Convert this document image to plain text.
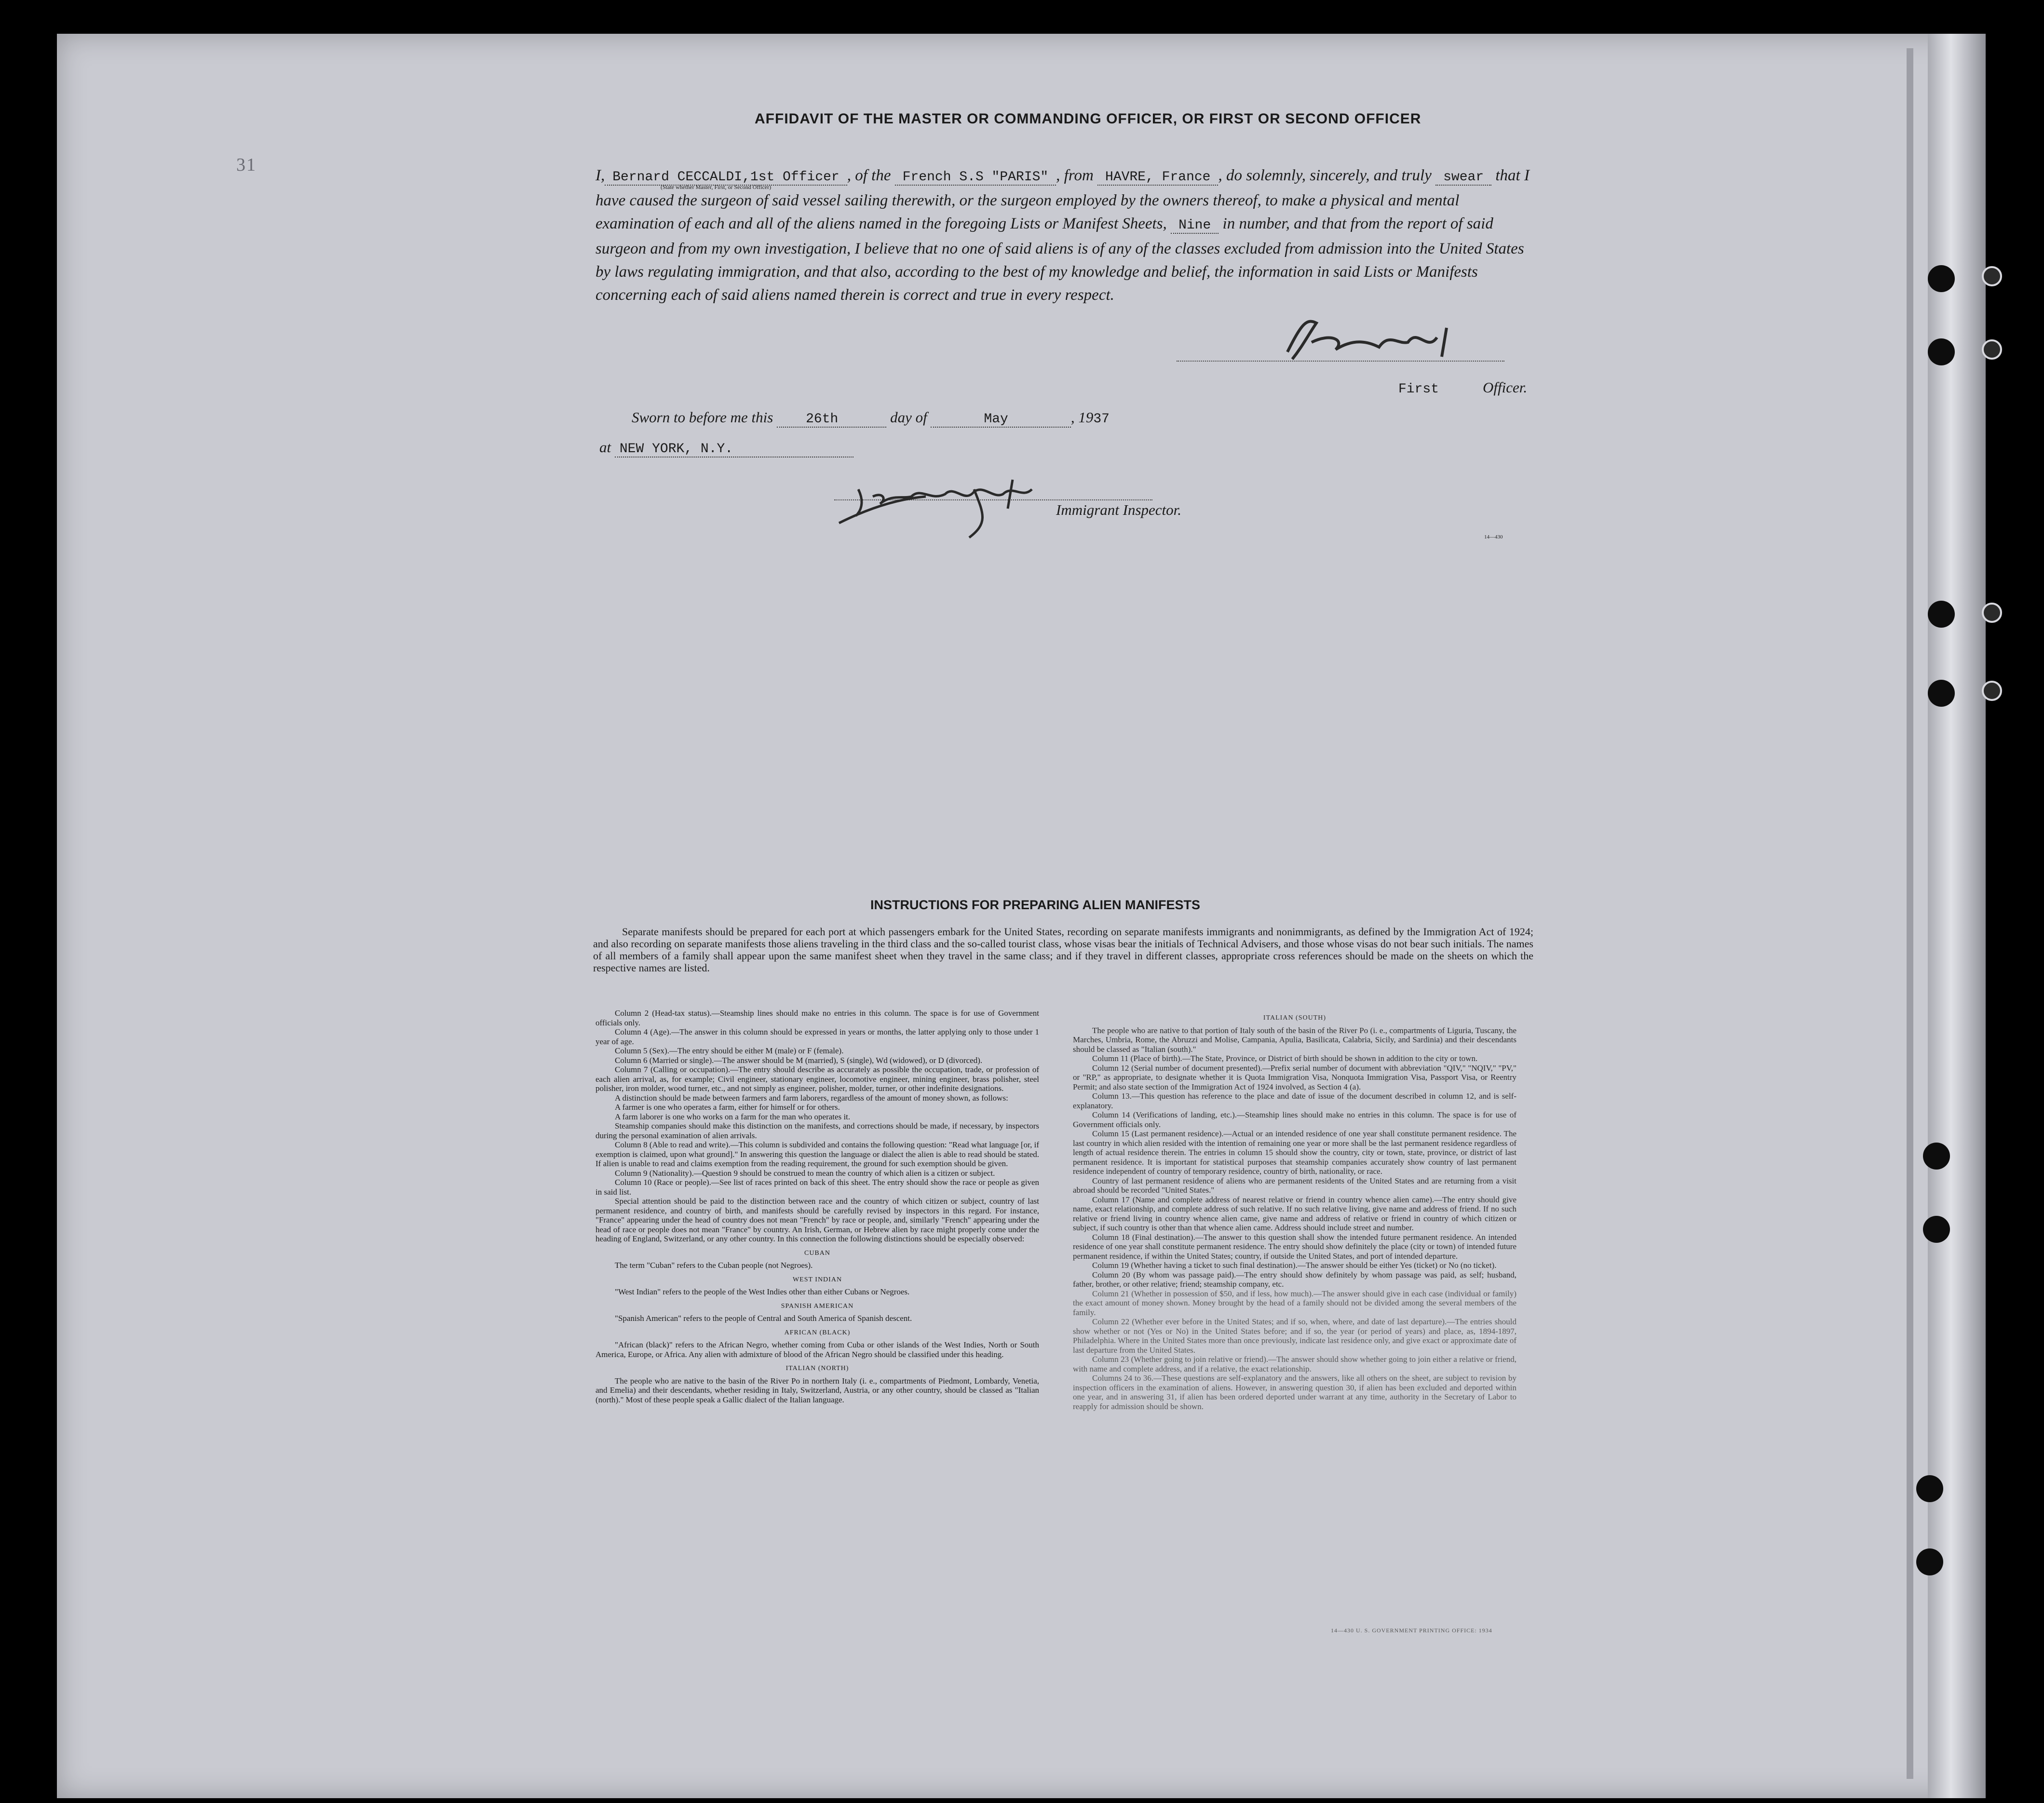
31
AFFIDAVIT OF THE MASTER OR COMMANDING OFFICER, OR FIRST OR SECOND OFFICER
I, Bernard CECCALDI,1st Officer , of the French S.S "PARIS" , from HAVRE, France , do solemnly, sincerely, and truly swear that I have caused the surgeon of said vessel sailing therewith, or the surgeon employed by the owners thereof, to make a physical and mental examination of each and all of the aliens named in the foregoing Lists or Manifest Sheets, Nine in number, and that from the report of said surgeon and from my own investigation, I believe that no one of said aliens is of any of the classes excluded from admission into the United States by laws regulating immigration, and that also, according to the best of my knowledge and belief, the information in said Lists or Manifests concerning each of said aliens named therein is correct and true in every respect.
(State whether Master, First, or Second Officer)
First	Officer.
Sworn to before me this 26th	day of	May	, 1937
at NEW YORK, N.Y.
Immigrant Inspector.
14—430
INSTRUCTIONS FOR PREPARING ALIEN MANIFESTS
Separate manifests should be prepared for each port at which passengers embark for the United States, recording on separate manifests immigrants and nonimmigrants, as defined by the Immigration Act of 1924; and also recording on separate manifests those aliens traveling in the third class and the so-called tourist class, whose visas bear the initials of Technical Advisers, and those whose visas do not bear such initials. The names of all members of a family shall appear upon the same manifest sheet when they travel in the same class; and if they travel in different classes, appropriate cross references should be made on the sheets on which the respective names are listed.

Column 2 (Head-tax status).—Steamship lines should make no entries in this column. The space is for use of Government officials only.

Column 4 (Age).—The answer in this column should be expressed in years or months, the latter applying only to those under 1 year of age.

Column 5 (Sex).—The entry should be either M (male) or F (female).

Column 6 (Married or single).—The answer should be M (married), S (single), Wd (widowed), or D (divorced).

Column 7 (Calling or occupation).—The entry should describe as accurately as possible the occupation, trade, or profession of each alien arrival, as, for example; Civil engineer, stationary engineer, locomotive engineer, mining engineer, brass polisher, steel polisher, iron molder, wood turner, etc., and not simply as engineer, polisher, molder, turner, or other indefinite designations.

A distinction should be made between farmers and farm laborers, regardless of the amount of money shown, as follows:

A farmer is one who operates a farm, either for himself or for others.

A farm laborer is one who works on a farm for the man who operates it.

Steamship companies should make this distinction on the manifests, and corrections should be made, if necessary, by inspectors during the personal examination of alien arrivals.

Column 8 (Able to read and write).—This column is subdivided and contains the following question: "Read what language [or, if exemption is claimed, upon what ground]." In answering this question the language or dialect the alien is able to read should be stated. If alien is unable to read and claims exemption from the reading requirement, the ground for such exemption should be given.

Column 9 (Nationality).—Question 9 should be construed to mean the country of which alien is a citizen or subject.

Column 10 (Race or people).—See list of races printed on back of this sheet. The entry should show the race or people as given in said list.

Special attention should be paid to the distinction between race and the country of which citizen or subject, country of last permanent residence, and country of birth, and manifests should be carefully revised by inspectors in this regard. For instance, "France" appearing under the head of country does not mean "French" by race or people, and, similarly "French" appearing under the head of race or people does not mean "France" by country. An Irish, German, or Hebrew alien by race might properly come under the heading of England, Switzerland, or any other country. In this connection the following distinctions should be especially observed:

CUBAN

The term "Cuban" refers to the Cuban people (not Negroes).

WEST INDIAN

"West Indian" refers to the people of the West Indies other than either Cubans or Negroes.

SPANISH AMERICAN

"Spanish American" refers to the people of Central and South America of Spanish descent.

AFRICAN (BLACK)

"African (black)" refers to the African Negro, whether coming from Cuba or other islands of the West Indies, North or South America, Europe, or Africa. Any alien with admixture of blood of the African Negro should be classified under this heading.

ITALIAN (NORTH)

The people who are native to the basin of the River Po in northern Italy (i. e., compartments of Piedmont, Lombardy, Venetia, and Emelia) and their descendants, whether residing in Italy, Switzerland, Austria, or any other country, should be classed as "Italian (north)." Most of these people speak a Gallic dialect of the Italian language.

ITALIAN (SOUTH)

The people who are native to that portion of Italy south of the basin of the River Po (i. e., compartments of Liguria, Tuscany, the Marches, Umbria, Rome, the Abruzzi and Molise, Campania, Apulia, Basilicata, Calabria, Sicily, and Sardinia) and their descendants should be classed as "Italian (south)."

Column 11 (Place of birth).—The State, Province, or District of birth should be shown in addition to the city or town.

Column 12 (Serial number of document presented).—Prefix serial number of document with abbreviation "QIV," "NQIV," "PV," or "RP," as appropriate, to designate whether it is Quota Immigration Visa, Nonquota Immigration Visa, Passport Visa, or Reentry Permit; and also state section of the Immigration Act of 1924 involved, as Section 4 (a).

Column 13.—This question has reference to the place and date of issue of the document described in column 12, and is self-explanatory.

Column 14 (Verifications of landing, etc.).—Steamship lines should make no entries in this column. The space is for use of Government officials only.

Column 15 (Last permanent residence).—Actual or an intended residence of one year shall constitute permanent residence. The last country in which alien resided with the intention of remaining one year or more shall be the last permanent residence regardless of length of actual residence therein. The entries in column 15 should show the country, city or town, state, province, or district of last permanent residence. It is important for statistical purposes that steamship companies accurately show country of last permanent residence independent of country of temporary residence, country of birth, nationality, or race.

Country of last permanent residence of aliens who are permanent residents of the United States and are returning from a visit abroad should be recorded "United States."

Column 17 (Name and complete address of nearest relative or friend in country whence alien came).—The entry should give name, exact relationship, and complete address of such relative. If no such relative living, give name and address of friend. If no such relative or friend living in country whence alien came, give name and address of relative or friend in country of which citizen or subject, if such country is other than that whence alien came. Address should include street and number.

Column 18 (Final destination).—The answer to this question shall show the intended future permanent residence. An intended residence of one year shall constitute permanent residence. The entry should show definitely the place (city or town) of intended future permanent residence, if within the United States; country, if outside the United States, and port of intended departure.

Column 19 (Whether having a ticket to such final destination).—The answer should be either Yes (ticket) or No (no ticket).

Column 20 (By whom was passage paid).—The entry should show definitely by whom passage was paid, as self; husband, father, brother, or other relative; friend; steamship company, etc.

Column 21 (Whether in possession of $50, and if less, how much).—The answer should give in each case (individual or family) the exact amount of money shown. Money brought by the head of a family should not be divided among the several members of the family.

Column 22 (Whether ever before in the United States; and if so, when, where, and date of last departure).—The entries should show whether or not (Yes or No) in the United States before; and if so, the year (or period of years) and place, as, 1894-1897, Philadelphia. Where in the United States more than once previously, indicate last residence only, and give exact or approximate date of last departure from the United States.

Column 23 (Whether going to join relative or friend).—The answer should show whether going to join either a relative or friend, with name and complete address, and if a relative, the exact relationship.

Columns 24 to 36.—These questions are self-explanatory and the answers, like all others on the sheet, are subject to revision by inspection officers in the examination of aliens. However, in answering question 30, if alien has been excluded and deported within one year, and in answering 31, if alien has been ordered deported under warrant at any time, authority in the Secretary of Labor to reapply for admission should be shown.

14—430 U. S. GOVERNMENT PRINTING OFFICE: 1934
